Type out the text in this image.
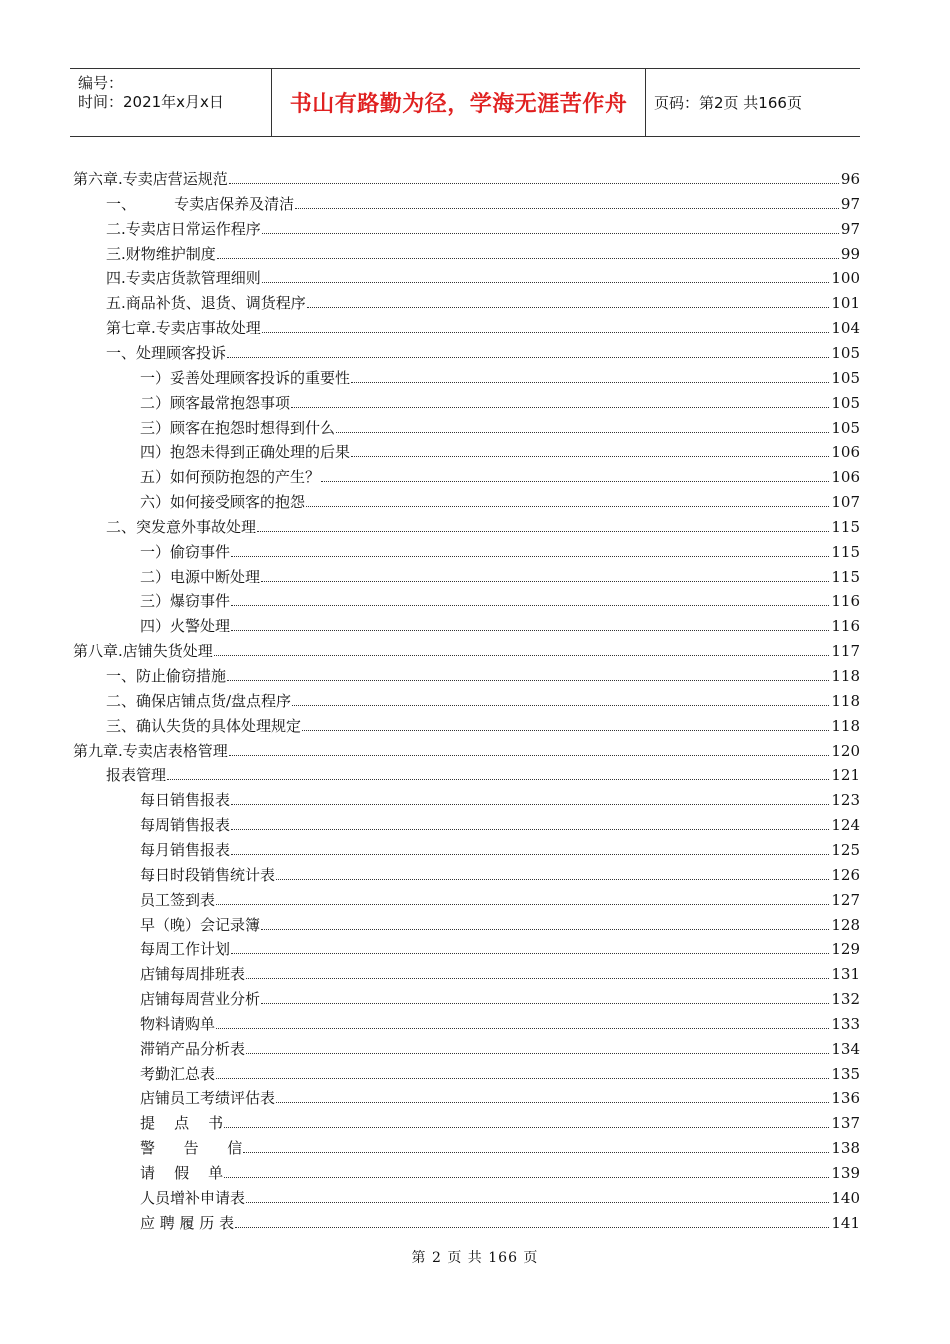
编号：
时间：2021年x月x日	书山有路勤为径，学海无涯苦作舟 页码：第2页 共166页
第六章.专卖店营运规范	96
一、        专卖店保养及清洁	97
二.专卖店日常运作程序	97
三.财物维护制度	99
四.专卖店货款管理细则	100
五.商品补货、退货、调货程序	101
第七章.专卖店事故处理	104
一、处理顾客投诉	105
一）妥善处理顾客投诉的重要性	105
二）顾客最常抱怨事项	105
三）顾客在抱怨时想得到什么	105
四）抱怨未得到正确处理的后果	106
五）如何预防抱怨的产生？	106
六）如何接受顾客的抱怨	107
二、突发意外事故处理	115
一）偷窃事件	115
二）电源中断处理	115
三）爆窃事件	116
四）火警处理	116
第八章.店铺失货处理	117
一、防止偷窃措施	118
二、确保店铺点货/盘点程序	118
三、确认失货的具体处理规定	118
第九章.专卖店表格管理	120
报表管理	121
每日销售报表	123
每周销售报表	124
每月销售报表	125
每日时段销售统计表	126
员工签到表	127
早（晚）会记录簿	128
每周工作计划	129
店铺每周排班表	131
店铺每周营业分析	132
物料请购单	133
滞销产品分析表	134
考勤汇总表	135
店铺员工考绩评估表	136
提    点    书	137
警      告      信	138
请    假    单	139
人员增补申请表	140
应 聘 履 历 表	141
第 2 页 共 166 页
